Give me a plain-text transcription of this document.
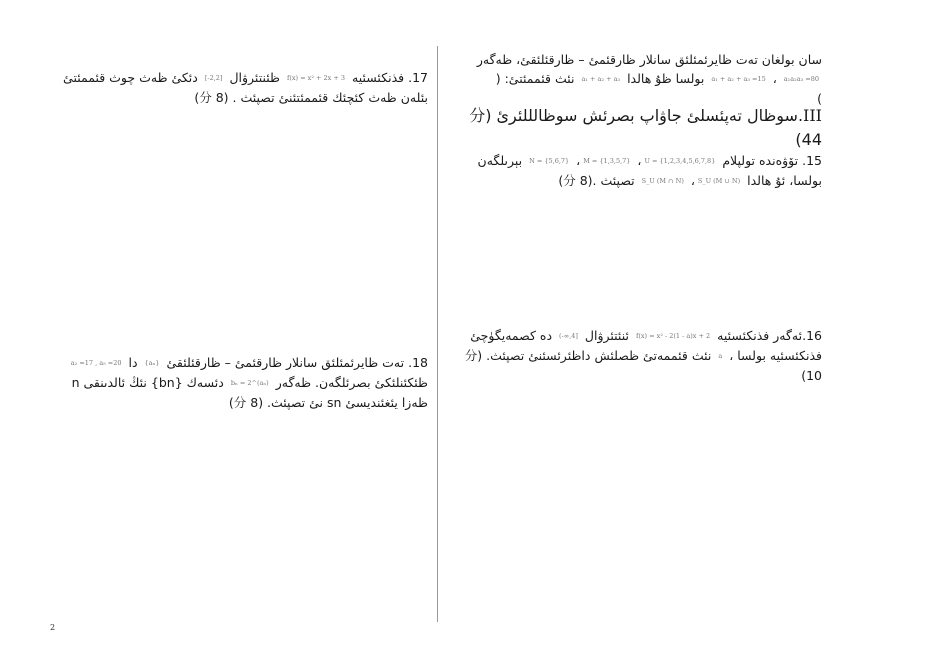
سان بولغان تەت ظايرئمئلئق سانلار ظارقئمئ – ظارقئلئقئ، ظەگەر

a₁a₂a₃ =80 ، a₁ + a₂ + a₃ =15 بولسا ظۇ هالدا a₁ + a₂ + a₃ نئث قئممئتئ: (

)

III.سوظال تەپئسلئ جاۋاپ بصرئش سوظالللئرئ (分
44)

15. تۆۋەندە تولپلام U = {1,2,3,4,5,6,7,8}، M = {1,3,5,7}، N = {5,6,7} بېرىلگەن بولسا، ئۇ هالدا S_U (M ∪ N)، S_U (M ∩ N) تصپئث .(8 分)

16.ئەگەر فذنكئسئيە f(x) = x² - 2(1 - a)x + 2 ئنئتئرۋال (-∞,4] دە كصمەيگۈچئ فذنكئسئيە بولسا ، a نئث قئممەتئ ظصلئش داظئرئسئنئ تصپئث. (分

10)

17. فذنكئسئيە f(x) = x² + 2x + 3 ظئنتئرۋال [-2,2] دئكئ ظەث چوث قئممئتئ بئلەن ظەث كئچئك قئممئتئنئ تصپئث . (8 分)

18. تەت ظايرئمئلئق سانلار ظارقئمئ – ظارقئلئقئ {aₙ} دا a₂ =17 , a₅ =20 ظئكئنلئكئ بصرئلگەن. ظەگەر bₙ = 2^(aₙ) دئسەك {bn} نئڭ ئالدىنقى n ظەزا يئغئنديسئ sn نئ تصپئث. (8 分)

2
